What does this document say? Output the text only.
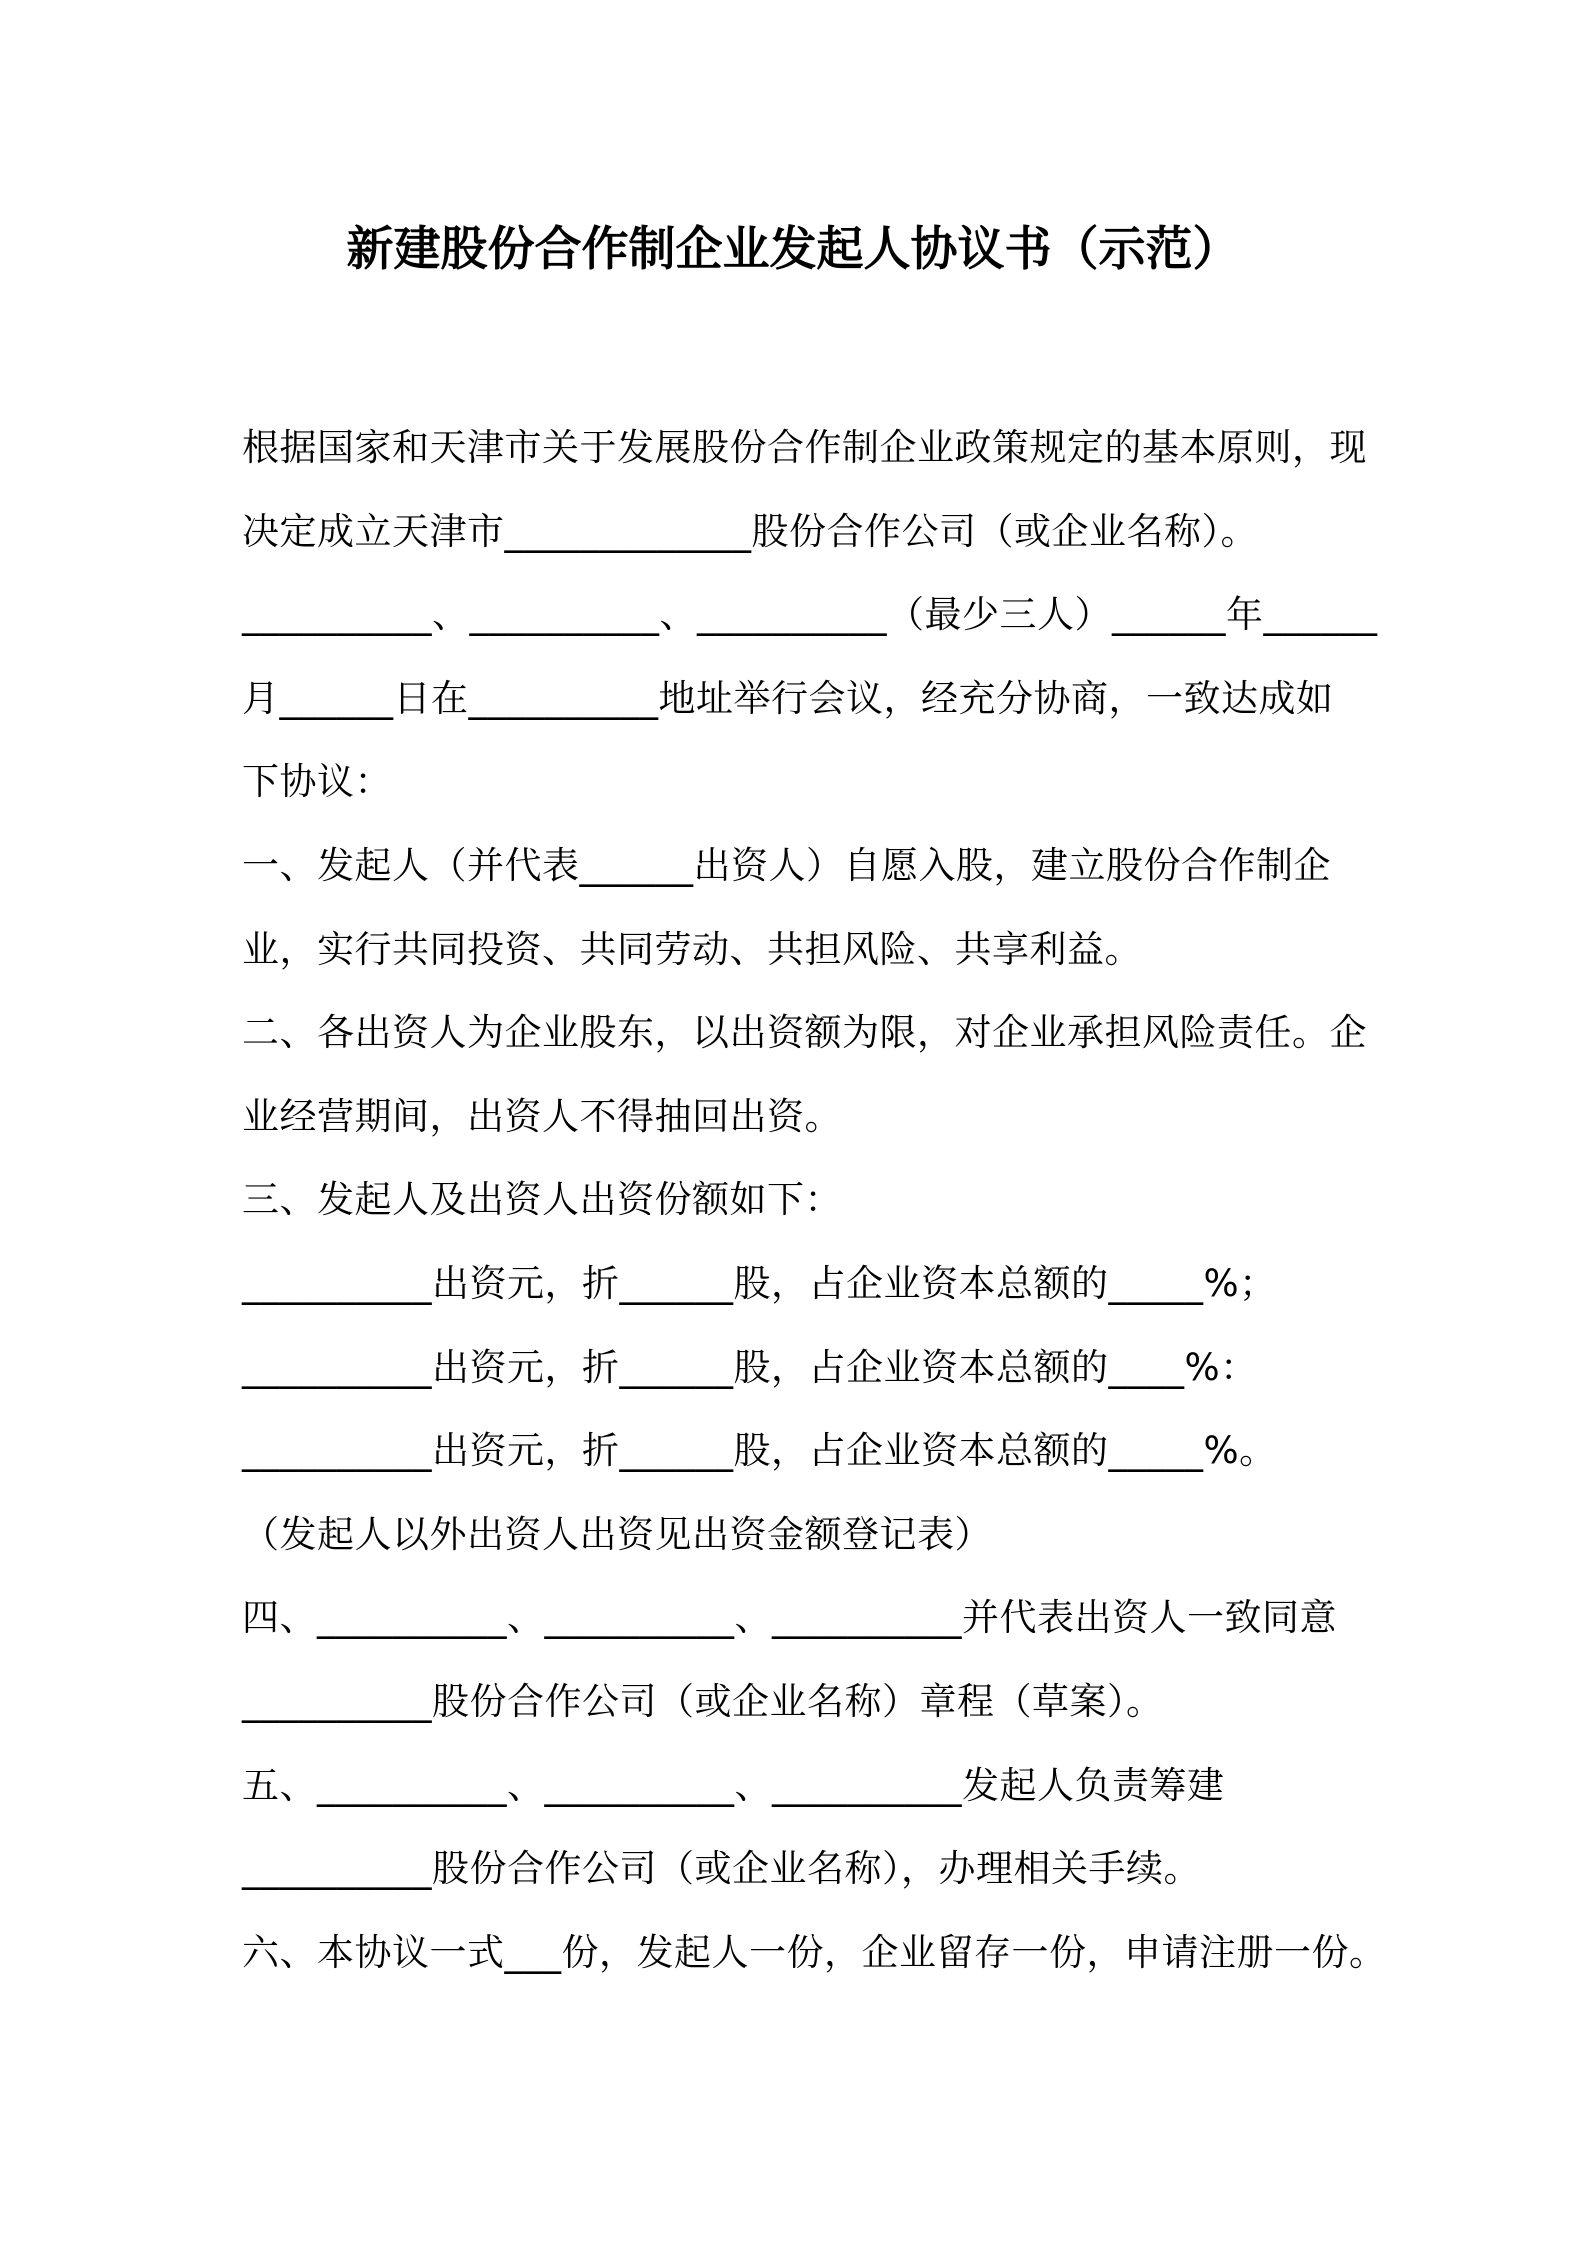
新建股份合作制企业发起人协议书（示范）
根据国家和天津市关于发展股份合作制企业政策规定的基本原则，现
决定成立天津市_____________股份合作公司（或企业名称）。
__________、__________、__________（最少三人）______年______
月______日在__________地址举行会议，经充分协商，一致达成如
下协议：
一、发起人（并代表______出资人）自愿入股，建立股份合作制企
业，实行共同投资、共同劳动、共担风险、共享利益。
二、各出资人为企业股东，以出资额为限，对企业承担风险责任。企
业经营期间，出资人不得抽回出资。
三、发起人及出资人出资份额如下：
__________出资元，折______股，占企业资本总额的_____%；
__________出资元，折______股，占企业资本总额的____%：
__________出资元，折______股，占企业资本总额的_____%。
（发起人以外出资人出资见出资金额登记表）
四、__________、__________、__________并代表出资人一致同意
__________股份合作公司（或企业名称）章程（草案）。
五、__________、__________、__________发起人负责筹建
__________股份合作公司（或企业名称），办理相关手续。
六、本协议一式___份，发起人一份，企业留存一份，申请注册一份。
